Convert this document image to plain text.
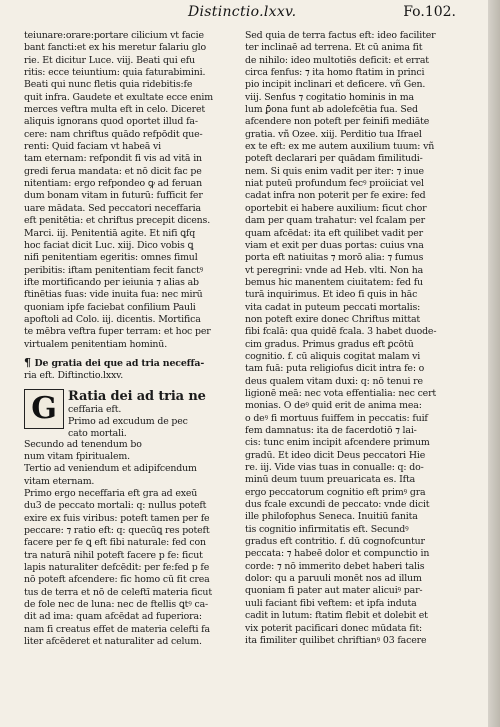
Distinctio.lxxv.	Fo.102.
teiunare:orare:portare cilicium vt facie
bant fancti:et ex his meretur falariu glo
rie. Et dicitur Luce. viij. Beati qui efu
ritis: ecce teiuntium: quia faturabimini.
Beati qui nunc fletis quia ridebitis:fe
quit infra. Gaudete et exultate ecce enim
merces veftra multa eft in celo. Diceret
aliquis ignorans quod oportet illud fa-
cere: nam chriftus quādo refpōdit que-
renti: Quid faciam vt habeā vi
tam eternam: refpondit fi vis ad vitā in
gredi ferua mandata: et nō dicit fac pe
nitentiam: ergo refpondeo ꝙ ad feruan
dum bonam vitam in futurū: fufficit fer
uare mādata. Sed peccatori neceffaria
eft penitētia: et chriftus precepit dicens.
Marci. iij. Penitentiā agite. Et nifi ꝗfq
hoc faciat dicit Luc. xiij. Dico vobis ꝗ
nifi penitentiam egeritis: omnes fimul
peribitis: iftam penitentiam fecit fanctꝰ
ifte mortificando per ieiunia ⁊ alias ab
ftinētias fuas: vide inuita fua: nec mirū
quoniam ipfe faciebat confilium Pauli
apoftoli ad Colo. iij. dicentis. Mortifica
te mēbra veftra fuper terram: et hoc per
virtualem penitentiam hominū.
¶ De gratia dei que ad tria neceffa-
ria eft. Diftinctio.lxxv.
G Ratia dei ad tria ne
ceffaria eft.
Primo ad excudum de pec
cato mortali.
Secundo ad tenendum bo
num vitam fpiritualem.
Tertio ad veniendum et adipifcendum
vitam eternam.
Primo ergo neceffaria eft gra ad exeū
du3 de peccato mortali: q: nullus poteft
exire ex fuis viribus: poteft tamen per fe
peccare: ⁊ ratio eft: q: quecūꝗ res poteft
facere per fe ꝗ eft fibi naturale: fed con
tra naturā nihil poteft facere p fe: ficut
lapis naturaliter defcēdit: per fe:fed p fe
nō poteft afcendere: fic homo cū fit crea
tus de terra et nō de celeftī materia ficut
de fole nec de luna: nec de ftellis ꝗtꝰ ca-
dit ad ima: quam afcēdat ad fuperiora:
nam fi creatus effet de materia celefti fa
liter afcēderet et naturaliter ad celum.
Sed quia de terra factus eft: ideo faciliter
ter inclinaē ad terrena. Et cū anima fit
de nihilo: ideo multotiēs deficit: et errat
circa fenfus: ⁊ ita homo ftatim in princi
pio incipit inclinari et deficere. vñ Gen.
viij. Senfus ⁊ cogitatio hominis in ma
lum ꝑ̄ona funt ab adolefcētia fua. Sed
afcendere non poteft per feinifi mediāte
gratia. vñ Ozee. xiij. Perditio tua Ifrael
ex te eft: ex me autem auxilium tuum: vñ
poteft declarari per quādam fimilitudi-
nem. Si quis enim vadit per iter: ⁊ inue
niat puteū profundum fecꝰ proiiciat vel
cadat infra non poterit per fe exire: fed
oportebit ei habere auxilium: ficut chor
dam per quam trahatur: vel fcalam per
quam afcēdat: ita eft quilibet vadit per
viam et exit per duas portas: cuius vna
porta eft natiuitas ⁊ morō alia: ⁊ fumus
vt peregrini: vnde ad Heb. vlti. Non ha
bemus hic manentem ciuitatem: fed fu
turā inquirimus. Et ideo fi quis in hāc
vita cadat in puteum peccati mortalis:
non poteft exire donec Chriftus mittat
fibi fcalā: qua quidē fcala. 3 habet duode-
cim gradus. Primus gradus eft ꝑcōtū
cognitio. f. cū aliquis cogitat malam vi
tam fuā: puta religiofus dicit intra fe: o
deus qualem vitam duxi: q: nō tenui re
ligionē meā: nec vota effentialia: nec cert
monias. O deꝰ quid erit de anima mea:
o deꝰ fi mortuus fuiffem in peccatis: fuif
fem damnatus: ita de facerdotiō ⁊ lai-
cis: tunc enim incipit afcendere primum
gradū. Et ideo dicit Deus peccatori Hie
re. iij. Vide vias tuas in conualle: q: do-
minū deum tuum preuaricata es. Ifta
ergo peccatorum cognitio eft primꝰ gra
dus fcale excundi de peccato: vnde dicit
ille philofophus Seneca. Inuitiū fanita
tis cognitio infirmitatis eft. Secundꝰ
gradus eft contritio. f. dū cognofcuntur
peccata: ⁊ habeē dolor et compunctio in
corde: ⁊ nō immerito debet haberi talis
dolor: qu a paruuli monēt nos ad illum
quoniam fi pater aut mater alicuiꝰ par-
uuli faciant fibi veftem: et ipfa induta
cadit in lutum: ftatim flebit et dolebit et
vix poterit pacificari donec mūdata fit:
ita fimiliter quilibet chriftianꝰ 03 facere
